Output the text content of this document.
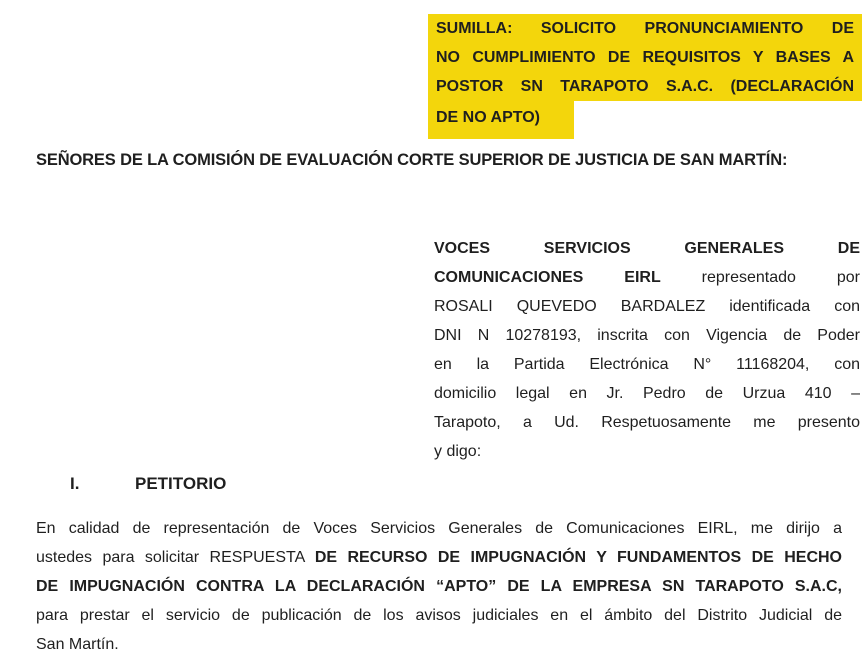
SUMILLA: SOLICITO PRONUNCIAMIENTO DE
NO CUMPLIMIENTO DE REQUISITOS Y BASES A
POSTOR SN TARAPOTO S.A.C. (DECLARACIÓN
DE NO APTO)
SEÑORES DE LA COMISIÓN DE EVALUACIÓN CORTE SUPERIOR DE JUSTICIA DE SAN MARTÍN:
VOCES SERVICIOS GENERALES DE
COMUNICACIONES EIRL representado por
ROSALI QUEVEDO BARDALEZ identificada con
DNI N 10278193, inscrita con Vigencia de Poder
en la Partida Electrónica N° 11168204, con
domicilio legal en Jr. Pedro de Urzua 410 –
Tarapoto, a Ud. Respetuosamente me presento
y digo:
I.	PETITORIO
En calidad de representación de Voces Servicios Generales de Comunicaciones EIRL, me dirijo a
ustedes para solicitar RESPUESTA DE RECURSO DE IMPUGNACIÓN Y FUNDAMENTOS DE HECHO
DE IMPUGNACIÓN CONTRA LA DECLARACIÓN “APTO” DE LA EMPRESA SN TARAPOTO S.A.C,
para prestar el servicio de publicación de los avisos judiciales en el ámbito del Distrito Judicial de
San Martín.
